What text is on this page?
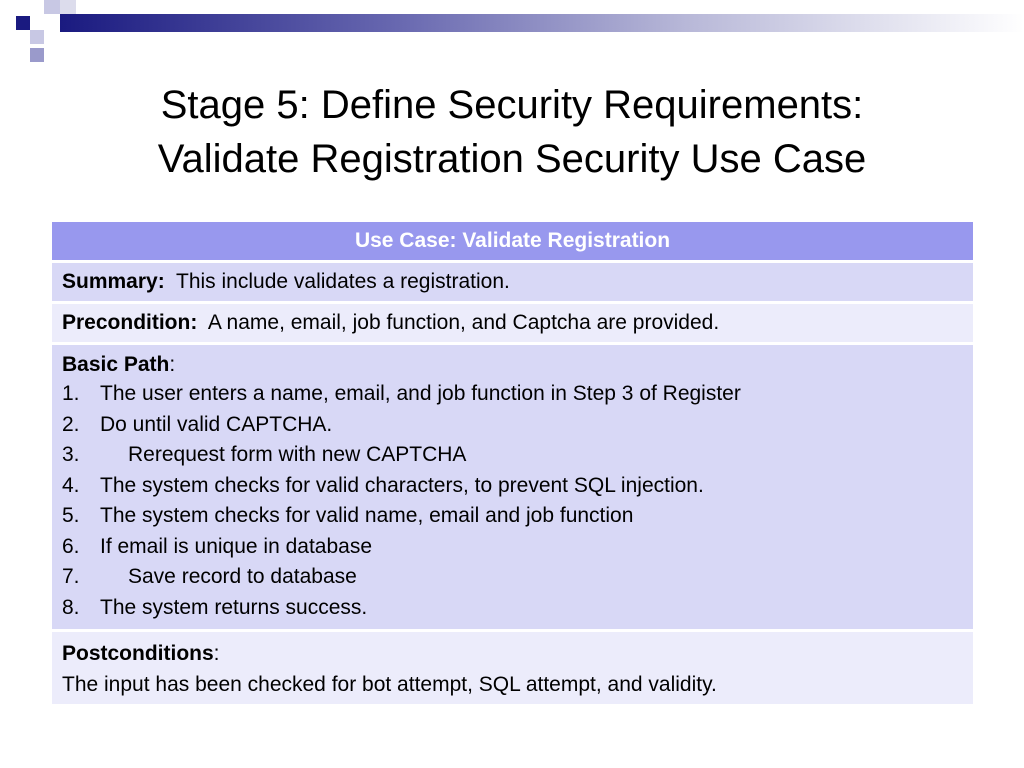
Stage 5: Define Security Requirements:
Validate Registration Security Use Case
Use Case: Validate Registration
Summary: This include validates a registration.
Precondition: A name, email, job function, and Captcha are provided.

Basic Path:
1. The user enters a name, email, and job function in Step 3 of Register
2. Do until valid CAPTCHA.
3.	Rerequest form with new CAPTCHA
4. The system checks for valid characters, to prevent SQL injection.
5. The system checks for valid name, email and job function
6. If email is unique in database
7.	Save record to database
8. The system returns success.

Postconditions:
The input has been checked for bot attempt, SQL attempt, and validity.
